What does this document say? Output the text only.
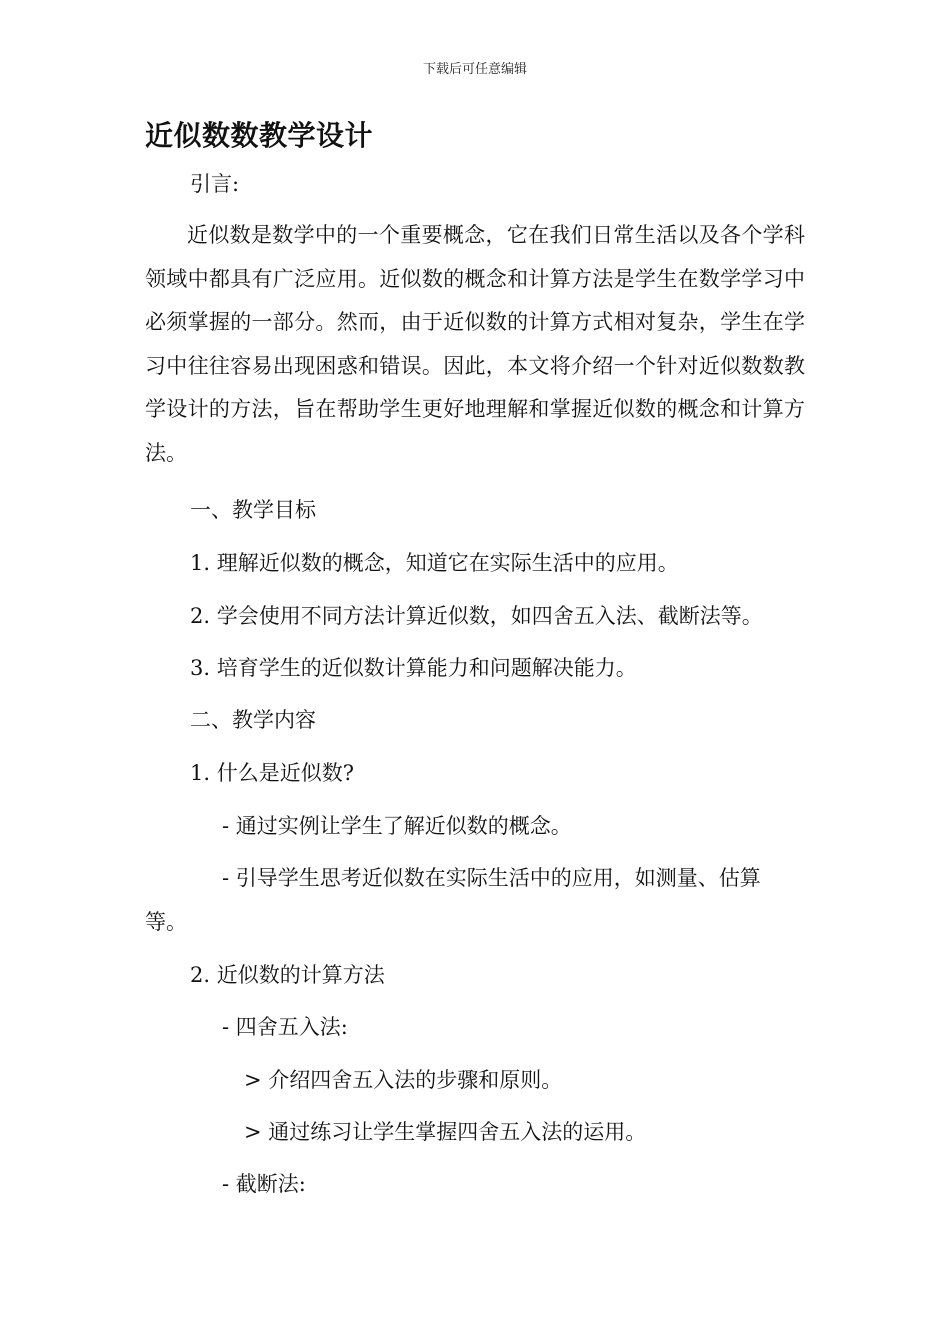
下载后可任意编辑
近似数数教学设计
引言:
近似数是数学中的一个重要概念，它在我们日常生活以及各个学科领域中都具有广泛应用。近似数的概念和计算方法是学生在数学学习中必须掌握的一部分。然而，由于近似数的计算方式相对复杂，学生在学习中往往容易出现困惑和错误。因此，本文将介绍一个针对近似数数教学设计的方法，旨在帮助学生更好地理解和掌握近似数的概念和计算方法。
一、教学目标
1. 理解近似数的概念，知道它在实际生活中的应用。
2. 学会使用不同方法计算近似数，如四舍五入法、截断法等。
3. 培育学生的近似数计算能力和问题解决能力。
二、教学内容
1. 什么是近似数?
- 通过实例让学生了解近似数的概念。
- 引导学生思考近似数在实际生活中的应用，如测量、估算
等。
2. 近似数的计算方法
- 四舍五入法:
> 介绍四舍五入法的步骤和原则。
> 通过练习让学生掌握四舍五入法的运用。
- 截断法:
